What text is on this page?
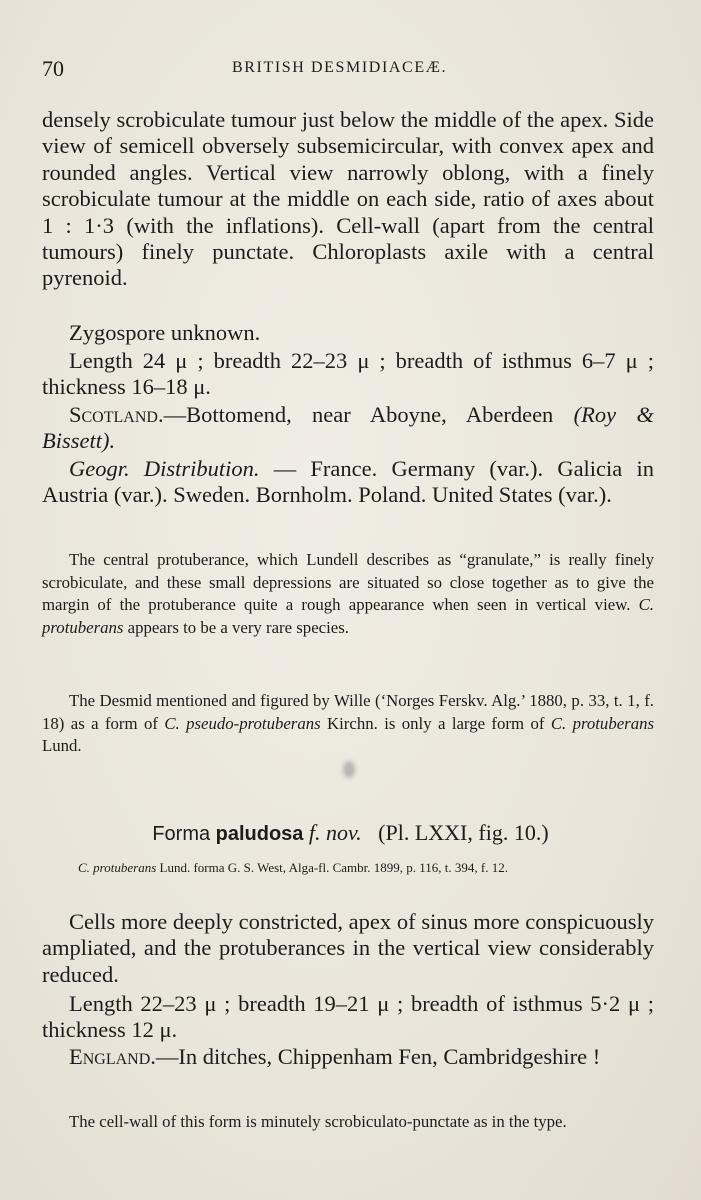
70	BRITISH DESMIDIACEÆ.

densely scrobiculate tumour just below the middle of the apex. Side view of semicell obversely subsemicircular, with convex apex and rounded angles. Vertical view narrowly oblong, with a finely scrobiculate tumour at the middle on each side, ratio of axes about 1 : 1·3 (with the inflations). Cell-wall (apart from the central tumours) finely punctate. Chloroplasts axile with a central pyrenoid.

Zygospore unknown.

Length 24 μ ; breadth 22–23 μ ; breadth of isthmus 6–7 μ ; thickness 16–18 μ.

Scotland.—Bottomend, near Aboyne, Aberdeen (Roy & Bissett).

Geogr. Distribution. — France. Germany (var.). Galicia in Austria (var.). Sweden. Bornholm. Poland. United States (var.).

The central protuberance, which Lundell describes as “granulate,” is really finely scrobiculate, and these small depressions are situated so close together as to give the margin of the protuberance quite a rough appearance when seen in vertical view. C. protuberans appears to be a very rare species.

The Desmid mentioned and figured by Wille (‘Norges Ferskv. Alg.’ 1880, p. 33, t. 1, f. 18) as a form of C. pseudo-protuberans Kirchn. is only a large form of C. protuberans Lund.

Forma paludosa f. nov. (Pl. LXXI, fig. 10.)

C. protuberans Lund. forma G. S. West, Alga-fl. Cambr. 1899, p. 116, t. 394, f. 12.

Cells more deeply constricted, apex of sinus more conspicuously ampliated, and the protuberances in the vertical view considerably reduced.

Length 22–23 μ ; breadth 19–21 μ ; breadth of isthmus 5·2 μ ; thickness 12 μ.

England.—In ditches, Chippenham Fen, Cambridgeshire !

The cell-wall of this form is minutely scrobiculato-punctate as in the type.
